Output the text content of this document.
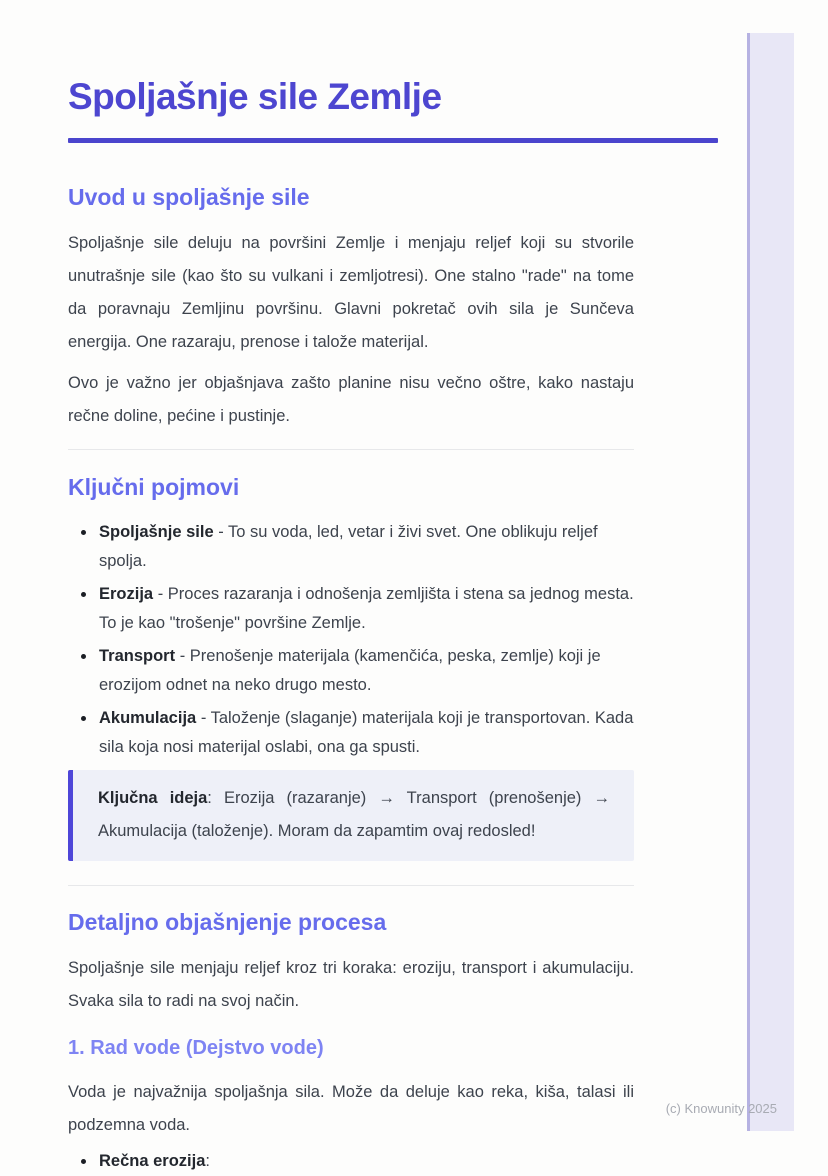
Spoljašnje sile Zemlje
Uvod u spoljašnje sile

Spoljašnje sile deluju na površini Zemlje i menjaju reljef koji su stvorile unutrašnje sile (kao što su vulkani i zemljotresi). One stalno "rade" na tome da poravnaju Zemljinu površinu. Glavni pokretač ovih sila je Sunčeva energija. One razaraju, prenose i talože materijal.

Ovo je važno jer objašnjava zašto planine nisu večno oštre, kako nastaju rečne doline, pećine i pustinje.

Ključni pojmovi
Spoljašnje sile - To su voda, led, vetar i živi svet. One oblikuju reljef spolja.
Erozija - Proces razaranja i odnošenja zemljišta i stena sa jednog mesta. To je kao "trošenje" površine Zemlje.
Transport - Prenošenje materijala (kamenčića, peska, zemlje) koji je erozijom odnet na neko drugo mesto.
Akumulacija - Taloženje (slaganje) materijala koji je transportovan. Kada sila koja nosi materijal oslabi, ona ga spusti.

Ključna ideja: Erozija (razaranje) → Transport (prenošenje) → Akumulacija (taloženje). Moram da zapamtim ovaj redosled!

Detaljno objašnjenje procesa

Spoljašnje sile menjaju reljef kroz tri koraka: eroziju, transport i akumulaciju. Svaka sila to radi na svoj način.

1. Rad vode (Dejstvo vode)

Voda je najvažnija spoljašnja sila. Može da deluje kao reka, kiša, talasi ili podzemna voda.

Rečna erozija:
(c) Knowunity 2025
